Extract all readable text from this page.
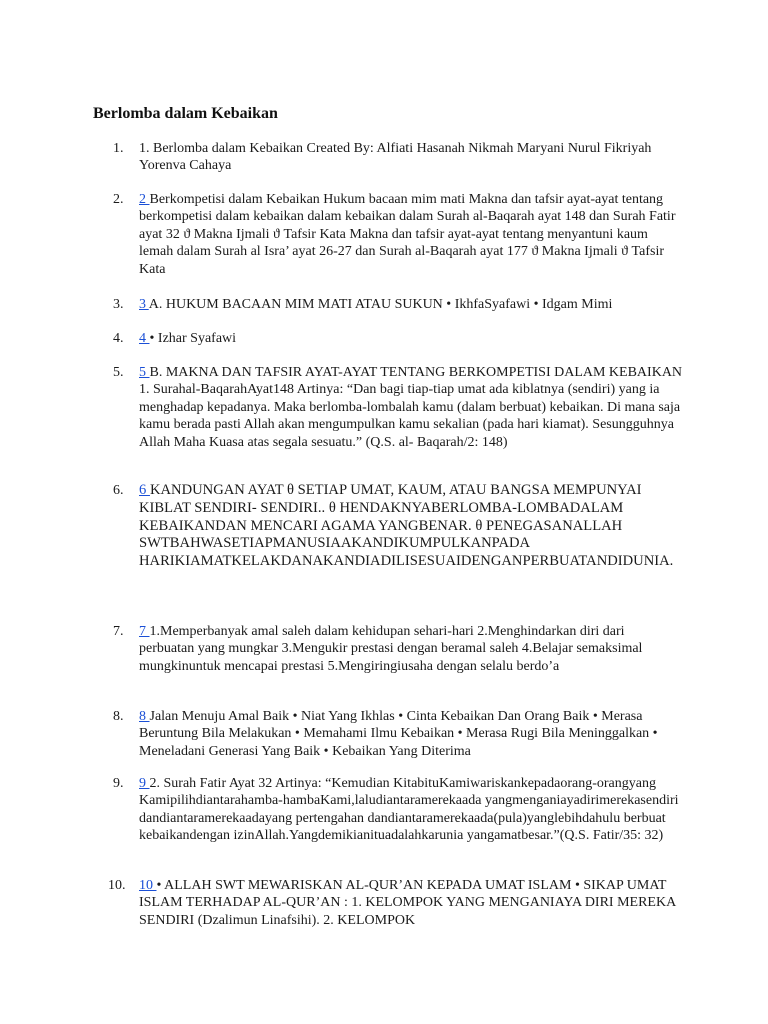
Berlomba dalam Kebaikan
1.	1. Berlomba dalam Kebaikan Created By: Alfiati Hasanah Nikmah Maryani Nurul Fikriyah Yorenva Cahaya
2.	2 Berkompetisi dalam Kebaikan Hukum bacaan mim mati Makna dan tafsir ayat-ayat tentang berkompetisi dalam kebaikan dalam kebaikan dalam Surah al-Baqarah ayat 148 dan Surah Fatir ayat 32 ϑ Makna Ijmali ϑ Tafsir Kata Makna dan tafsir ayat-ayat tentang menyantuni kaum lemah dalam Surah al Isra’ ayat 26-27 dan Surah al-Baqarah ayat 177 ϑ Makna Ijmali ϑ Tafsir Kata
3.	3 A. HUKUM BACAAN MIM MATI ATAU SUKUN • IkhfaSyafawi • Idgam Mimi
4.	4 • Izhar Syafawi
5.	5 B. MAKNA DAN TAFSIR AYAT-AYAT TENTANG BERKOMPETISI DALAM KEBAIKAN 1. Surahal-BaqarahAyat148 Artinya: “Dan bagi tiap-tiap umat ada kiblatnya (sendiri) yang ia menghadap kepadanya. Maka berlomba-lombalah kamu (dalam berbuat) kebaikan. Di mana saja kamu berada pasti Allah akan mengumpulkan kamu sekalian (pada hari kiamat). Sesungguhnya Allah Maha Kuasa atas segala sesuatu.” (Q.S. al- Baqarah/2: 148)
6.	6 KANDUNGAN AYAT θ SETIAP UMAT, KAUM, ATAU BANGSA MEMPUNYAI KIBLAT SENDIRI- SENDIRI.. θ HENDAKNYABERLOMBA-LOMBADALAM KEBAIKANDAN MENCARI AGAMA YANGBENAR. θ PENEGASANALLAH SWTBAHWASETIAPMANUSIAAKANDIKUMPULKANPADA HARIKIAMATKELAKDANAKANDIADILISESUAIDENGANPERBUATANDIDUNIA.
7.	7 1.Memperbanyak amal saleh dalam kehidupan sehari-hari 2.Menghindarkan diri dari perbuatan yang mungkar 3.Mengukir prestasi dengan beramal saleh 4.Belajar semaksimal mungkinuntuk mencapai prestasi 5.Mengiringiusaha dengan selalu berdo’a
8.	8 Jalan Menuju Amal Baik • Niat Yang Ikhlas • Cinta Kebaikan Dan Orang Baik • Merasa Beruntung Bila Melakukan • Memahami Ilmu Kebaikan • Merasa Rugi Bila Meninggalkan • Meneladani Generasi Yang Baik • Kebaikan Yang Diterima
9.	9 2. Surah Fatir Ayat 32 Artinya: “Kemudian KitabituKamiwariskankepadaorang-orangyang Kamipilihdiantarahamba-hambaKami,laludiantaramerekaada yangmenganiayadirimerekasendiri dandiantaramerekaadayang pertengahan dandiantaramerekaada(pula)yanglebihdahulu berbuat kebaikandengan izinAllah.Yangdemikianituadalahkarunia yangamatbesar.”(Q.S. Fatir/35: 32)
10. 10 • ALLAH SWT MEWARISKAN AL-QUR’AN KEPADA UMAT ISLAM • SIKAP UMAT ISLAM TERHADAP AL-QUR’AN : 1. KELOMPOK YANG MENGANIAYA DIRI MEREKA SENDIRI (Dzalimun Linafsihi). 2. KELOMPOK
